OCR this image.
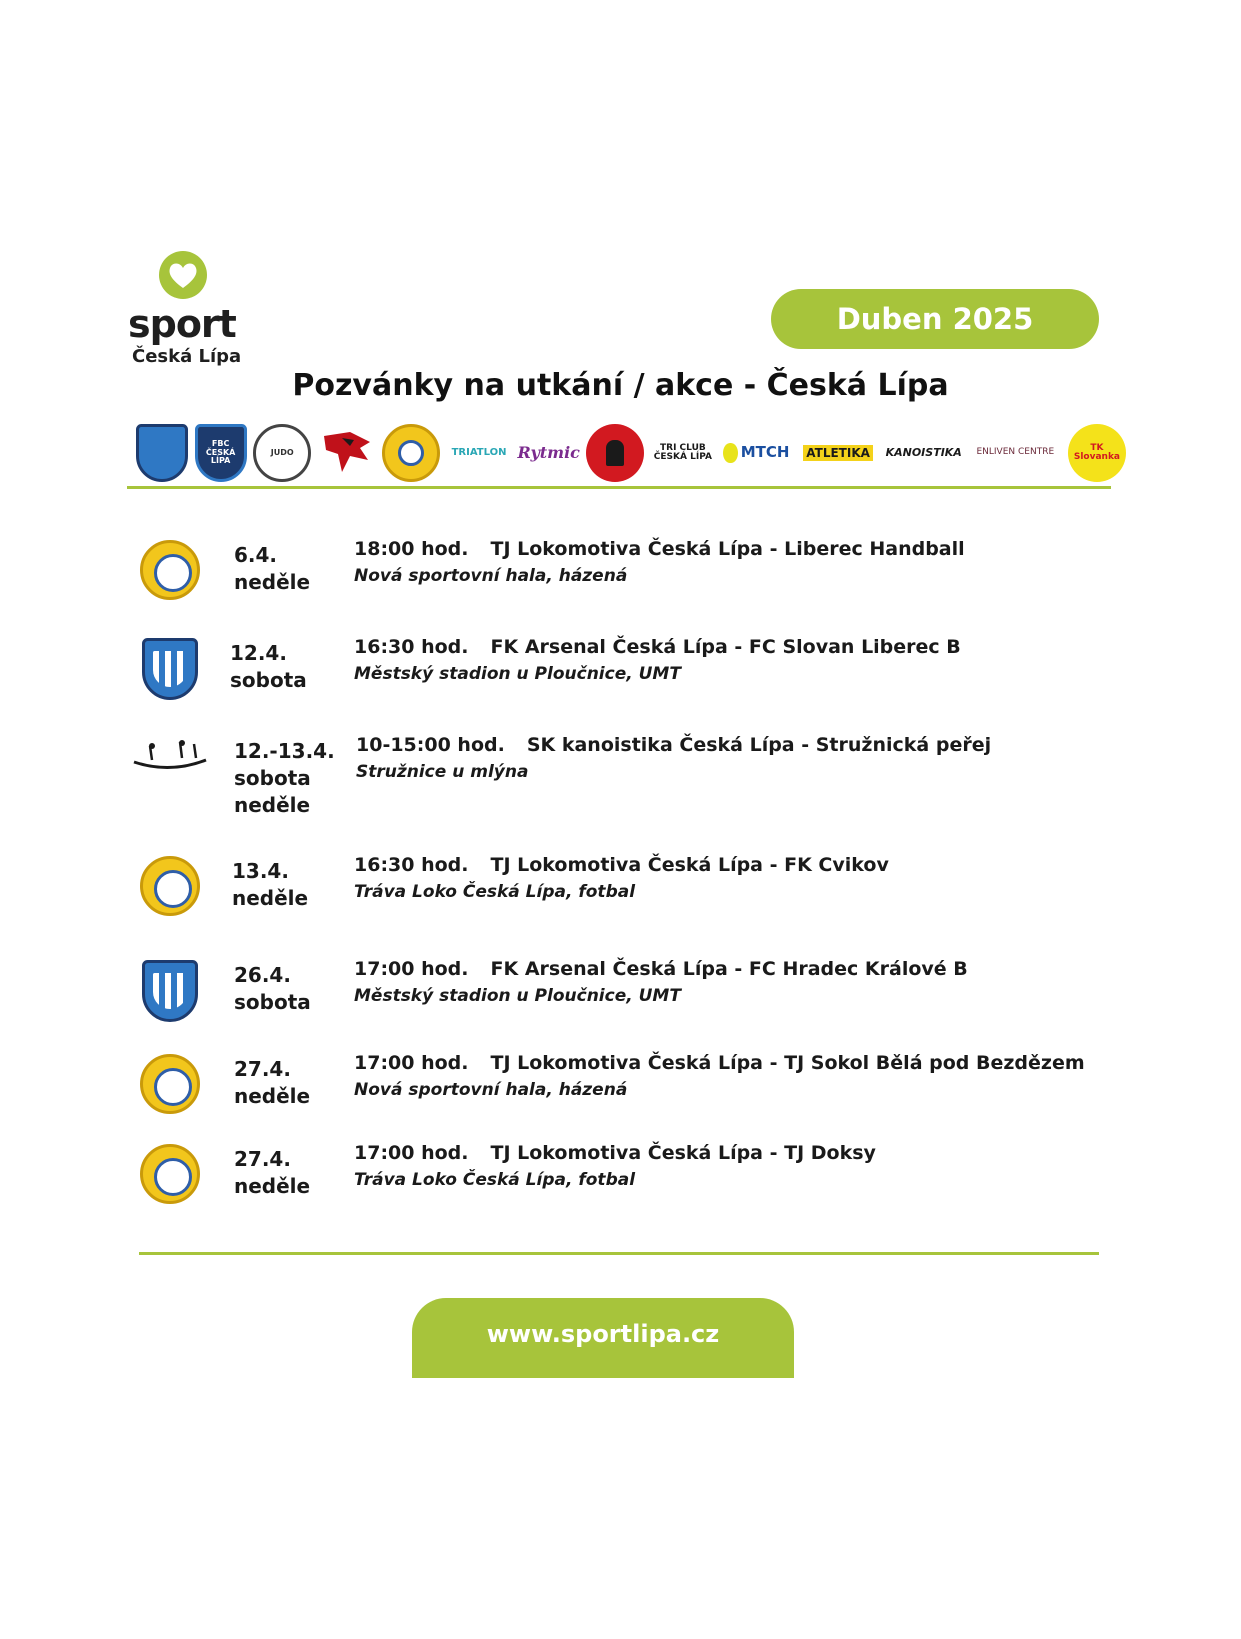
sport
Česká Lípa
Duben 2025
Pozvánky na utkání / akce - Česká Lípa
FBC ČESKÁ LÍPA
JUDO	TRIATLON Rytmic	TRI CLUB ČESKÁ LÍPA MTCH ATLETIKA KANOISTIKA ENLIVEN CENTRE	TK Slovanka
6.4.
neděle
18:00 hod. TJ Lokomotiva Česká Lípa - Liberec Handball
Nová sportovní hala, házená
12.4.
sobota
16:30 hod. FK Arsenal Česká Lípa - FC Slovan Liberec B
Městský stadion u Ploučnice, UMT
12.-13.4.
sobota
neděle
10-15:00 hod. SK kanoistika Česká Lípa - Stružnická peřej
Stružnice u mlýna
13.4.
neděle
16:30 hod. TJ Lokomotiva Česká Lípa - FK Cvikov
Tráva Loko Česká Lípa, fotbal
26.4.
sobota
17:00 hod. FK Arsenal Česká Lípa - FC Hradec Králové B
Městský stadion u Ploučnice, UMT
27.4.
neděle
17:00 hod. TJ Lokomotiva Česká Lípa - TJ Sokol Bělá pod Bezdězem
Nová sportovní hala, házená
27.4.
neděle
17:00 hod. TJ Lokomotiva Česká Lípa - TJ Doksy
Tráva Loko Česká Lípa, fotbal
www.sportlipa.cz
